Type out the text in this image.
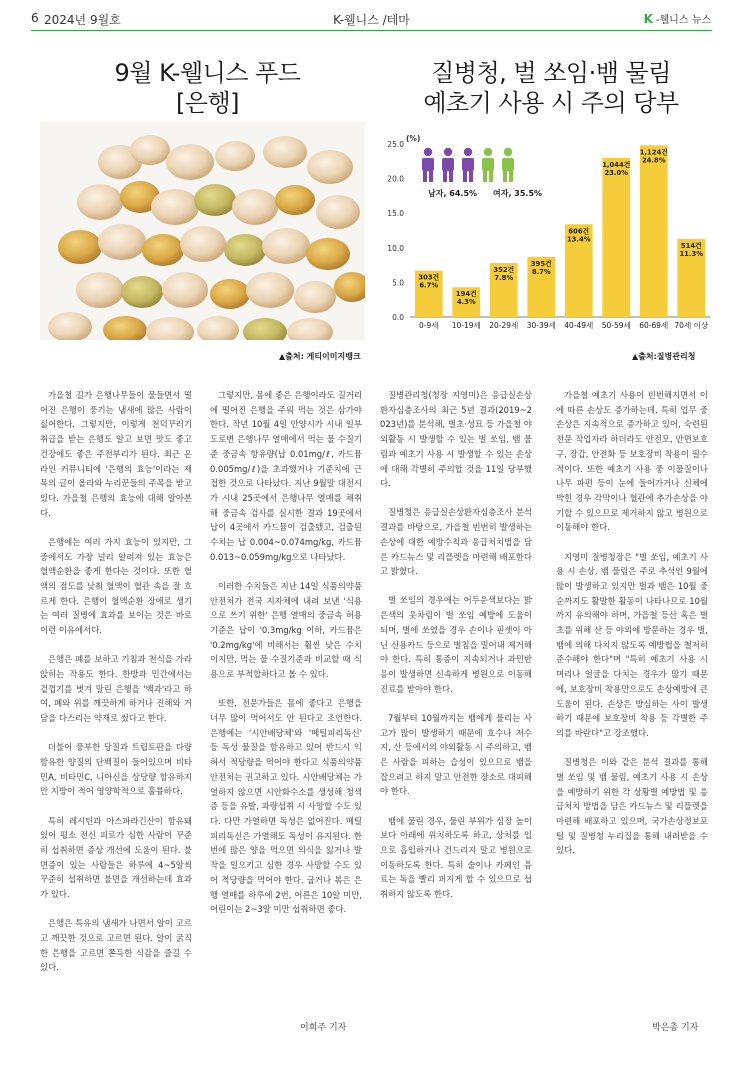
6 2024년 9월호	K-웰니스 /테마	K -웰니스 뉴스
9월 K-웰니스 푸드
[은행]
질병청, 벌 쏘임·뱀 물림
예초기 사용 시 주의 당부
▲출처: 게티이미지뱅크
0.0
5.0
10.0
15.0
20.0
25.0
(%)
303건
6.7%
0-9세
194건
4.3%
10-19세
352건
7.8%
20-29세
395건
8.7%
30-39세
606건
13.4%
40-49세
1,044건
23.0%
50-59세
1,124건
24.8%
60-69세
514건
11.3%
70세 이상
남자, 64.5% 여자, 35.5%
▲출처:질병관리청

가을철 길가 은행나무들이 물들면서 떨어진 은행이 풍기는 냄새에 많은 사람이 싫어한다. 그렇지만, 이렇게 천덕꾸러기 취급을 받는 은행도 알고 보면 맛도 좋고 건강에도 좋은 주전부리가 된다. 최근 온라인 커뮤니티에 '은행의 효능'이라는 제목의 글이 올라와 누리꾼들의 주목을 받고 있다. 가을철 은행의 효능에 대해 알아본다.

은행에는 여러 가지 효능이 있지만, 그중에서도 가장 널리 알려져 있는 효능은 혈액순환을 좋게 한다는 것이다. 또한 혈액의 점도를 낮춰 혈액이 혈관 속을 잘 흐르게 한다. 은행이 혈액순환 장애로 생기는 여러 질병에 효과를 보이는 것은 바로 이런 이유에서다.

은행은 폐를 보하고 기침과 천식을 가라앉히는 작용도 한다. 한방과 민간에서는 겉껍기를 벗겨 말린 은행을 '백과'라고 하여, 폐와 위를 깨끗하게 하거나 진해와 거담을 다스리는 약재로 썼다고 한다.

더불어 풍부한 당질과 트립토판을 다량 함유한 양질의 단백질이 들어있으며 비타민A, 비타민C, 니아신을 상당량 함유하지만 지방이 적어 영양학적으로 훌륭하다.

특히 레시틴과 아스파라긴산이 함유돼 있어 평소 전신 피로가 심한 사람이 꾸준히 섭취하면 증상 개선에 도움이 된다. 불면증이 있는 사람들은 하루에 4~5알씩 꾸준히 섭취하면 불면을 개선하는데 효과가 있다.

은행은 특유의 냄새가 나면서 알이 고르고 깨끗한 것으로 고르면 된다. 알이 굵직한 은행을 고르면 쫀득한 식감을 즐길 수 있다.

그렇지만, 몸에 좋은 은행이라도 길거리에 떨어진 은행을 주워 먹는 것은 삼가야 한다. 작년 10월 4일 안양시가 시내 일부 도로변 은행나무 열매에서 먹는 물 수질기준 중금속 항유량(납 0.01mg/ℓ, 카드뮴 0.005mg/ℓ)을 초과했거나 기준치에 근접한 것으로 나타났다. 지난 9월말 대전시가 시내 25곳에서 은행나무 열매를 채취해 중금속 검사를 실시한 결과 19곳에서 납이 4곳에서 카드뮴이 검출됐고, 검출된 수치는 납 0.004~0.074mg/kg, 카드뮴 0.013~0.059mg/kg으로 나타났다.

이러한 수치들은 지난 14일 식품의약품안전처가 전국 지자체에 내려 보낸 '식용으로 쓰기 위한' 은행 열매의 중금속 허용 기준은 납이 '0.3mg/kg 이하, 카드뮴은 '0.2mg/kg'에 비해서는 훨씬 낮은 수치이지만, 먹는 물 수질기준과 비교할 때 식용으로 부적합하다고 볼 수 있다.

또한, 전문가들은 몸에 좋다고 은행을 너무 많이 먹어서도 안 된다고 조언한다. 은행에는 '시안배당체'와 '메틸피리독신' 등 독성 물질을 함유하고 있어 반드시 익혀서 적당량을 먹어야 한다고 식품의약품안전처는 권고하고 있다. 시안배당체는 가열하지 않으면 시안화수소를 생성해 청색증 등을 유발, 과량섭취 시 사망할 수도 있다. 다만 가열하면 독성은 없어진다. 메틸피리독신은 가열해도 독성이 유지된다. 한 번에 많은 양을 먹으면 의식을 잃거나 발작을 일으키고 심한 경우 사망할 수도 있어 적당량을 먹어야 한다. 굽거나 볶은 은행 열매를 하루에 2번, 어른은 10알 미만, 어린이는 2~3알 미만 섭취하면 좋다.

질병관리청(청장 지영미)은 응급실손상환자심층조사의 최근 5년 결과(2019~2023년)를 분석해, 벌초·성묘 등 가을철 야외활동 시 발생할 수 있는 벌 쏘임, 뱀 물림과 예초기 사용 시 발생할 수 있는 손상에 대해 각별히 주의할 것을 11일 당부했다.

질병청은 응급실손상환자심층조사 분석 결과를 바탕으로, 가을철 빈번히 발생하는 손상에 대한 예방수칙과 응급처치법을 담은 카드뉴스 및 리플렛을 마련해 배포한다고 밝혔다.

벌 쏘임의 경우에는 어두운색보다는 밝은색의 옷차림이 벌 쏘임 예방에 도움이 되며, 벌에 쏘였을 경우 손이나 핀셋이 아닌 신용카드 등으로 벌침을 밀어내 제거해야 한다. 특히 통증이 지속되거나 과민반응이 발생하면 신속하게 병원으로 이동해 진료를 받아야 한다.

7월부터 10월까지는 뱀에게 물리는 사고가 많이 발생하기 때문에 호수나 저수지, 산 등에서의 야외활동 시 주의하고, 뱀은 사람을 피하는 습성이 있으므로 뱀을 잡으려고 하지 말고 안전한 장소로 대피해야 한다.

뱀에 물린 경우, 물린 부위가 심장 높이보다 아래에 위치하도록 하고, 상처를 입으로 흡입하거나 건드리지 말고 병원으로 이동하도록 한다. 특히 술이나 카페인 음료는 독을 빨리 퍼지게 할 수 있으므로 섭취하지 않도록 한다.

가을철 예초기 사용이 빈번해지면서 이에 따른 손상도 증가하는데, 특히 업무 중 손상은 지속적으로 증가하고 있어, 숙련된 전문 작업자라 하더라도 안전모, 안면보호구, 장갑, 안전화 등 보호장비 착용이 필수적이다. 또한 예초기 사용 중 이물질이나 나무 파편 등이 눈에 들어가거나 신체에 박힌 경우 각막이나 혈관에 추가손상을 야기할 수 있으므로 제거하지 않고 병원으로 이동해야 한다.

지영미 질병청장은 "벌 쏘임, 예초기 사용 시 손상, 뱀 물림은 주로 추석인 9월에 많이 발생하고 있지만 벌과 뱀은 10월 중순까지도 활발한 활동이 나타나므로 10월까지 유의해야 하며, 가을철 등산 혹은 벌초를 위해 산 등 야외에 방문하는 경우 벌, 뱀에 의해 다치지 않도록 예방법을 철저히 준수해야 한다"며 "특히 예초기 사용 시 머리나 얼굴을 다치는 경우가 많기 때문에, 보호장비 착용만으로도 손상예방에 큰 도움이 된다. 손상은 방심하는 사이 발생하기 때문에 보호장비 착용 등 각별한 주의를 바란다"고 강조했다.

질병청은 이와 같은 분석 결과를 통해 벌 쏘임 및 뱀 물림, 예초기 사용 시 손상을 예방하기 위한 각 상황별 예방법 및 응급처치 방법을 담은 카드뉴스 및 리플렛을 마련해 배포하고 있으며, 국가손상정보포털 및 질병청 누리집을 통해 내려받을 수 있다.

이희주 기자	박은총 기자
